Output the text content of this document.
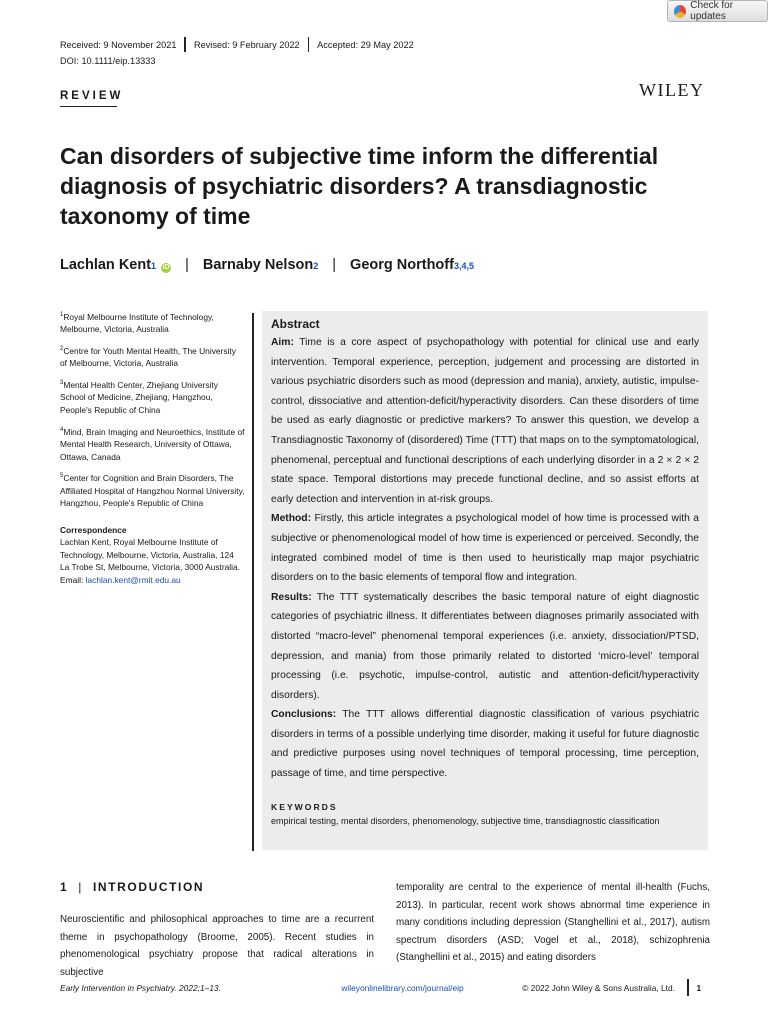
Check for updates
Received: 9 November 2021 Revised: 9 February 2022 Accepted: 29 May 2022
DOI: 10.1111/eip.13333
REVIEW	WILEY
Can disorders of subjective time inform the differential diagnosis of psychiatric disorders? A transdiagnostic taxonomy of time
Lachlan Kent 1 iD | Barnaby Nelson 2 | Georg Northoff 3,4,5

$^1$Royal Melbourne Institute of Technology, Melbourne, Victoria, Australia

$^2$Centre for Youth Mental Health, The University of Melbourne, Victoria, Australia

$^3$Mental Health Center, Zhejiang University School of Medicine, Zhejiang, Hangzhou, People's Republic of China

$^4$Mind, Brain Imaging and Neuroethics, Institute of Mental Health Research, University of Ottawa, Ottawa, Canada

$^5$Center for Cognition and Brain Disorders, The Affiliated Hospital of Hangzhou Normal University, Hangzhou, People's Republic of China

Correspondence

Lachlan Kent, Royal Melbourne Institute of Technology, Melbourne, Victoria, Australia, 124 La Trobe St, Melbourne, Victoria, 3000 Australia.

Email: lachlan.kent@rmit.edu.au

Abstract

Aim: Time is a core aspect of psychopathology with potential for clinical use and early intervention. Temporal experience, perception, judgement and processing are distorted in various psychiatric disorders such as mood (depression and mania), anxiety, autistic, impulse-control, dissociative and attention-deficit/hyperactivity disorders. Can these disorders of time be used as early diagnostic or predictive markers? To answer this question, we develop a Transdiagnostic Taxonomy of (disordered) Time (TTT) that maps on to the symptomatological, phenomenal, perceptual and functional descriptions of each underlying disorder in a 2 × 2 × 2 state space. Temporal distortions may precede functional decline, and so assist efforts at early detection and intervention in at-risk groups.

Method: Firstly, this article integrates a psychological model of how time is processed with a subjective or phenomenological model of how time is experienced or perceived. Secondly, the integrated combined model of time is then used to heuristically map major psychiatric disorders on to the basic elements of temporal flow and integration.

Results: The TTT systematically describes the basic temporal nature of eight diagnostic categories of psychiatric illness. It differentiates between diagnoses primarily associated with distorted “macro-level” phenomenal temporal experiences (i.e. anxiety, dissociation/PTSD, depression, and mania) from those primarily related to distorted ‘micro-level’ temporal processing (i.e. psychotic, impulse-control, autistic and attention-deficit/hyperactivity disorders).

Conclusions: The TTT allows differential diagnostic classification of various psychiatric disorders in terms of a possible underlying time disorder, making it useful for future diagnostic and predictive purposes using novel techniques of temporal processing, time perception, passage of time, and time perspective.

KEYWORDS
empirical testing, mental disorders, phenomenology, subjective time, transdiagnostic classification
1 | INTRODUCTION

Neuroscientific and philosophical approaches to time are a recurrent theme in psychopathology (Broome, 2005). Recent studies in phenomenological psychiatry propose that radical alterations in subjective

temporality are central to the experience of mental ill-health (Fuchs, 2013). In particular, recent work shows abnormal time experience in many conditions including depression (Stanghellini et al., 2017), autism spectrum disorders (ASD; Vogel et al., 2018), schizophrenia (Stanghellini et al., 2015) and eating disorders

Early Intervention in Psychiatry. 2022;1–13.	wileyonlinelibrary.com/journal/eip	© 2022 John Wiley & Sons Australia, Ltd.	1
